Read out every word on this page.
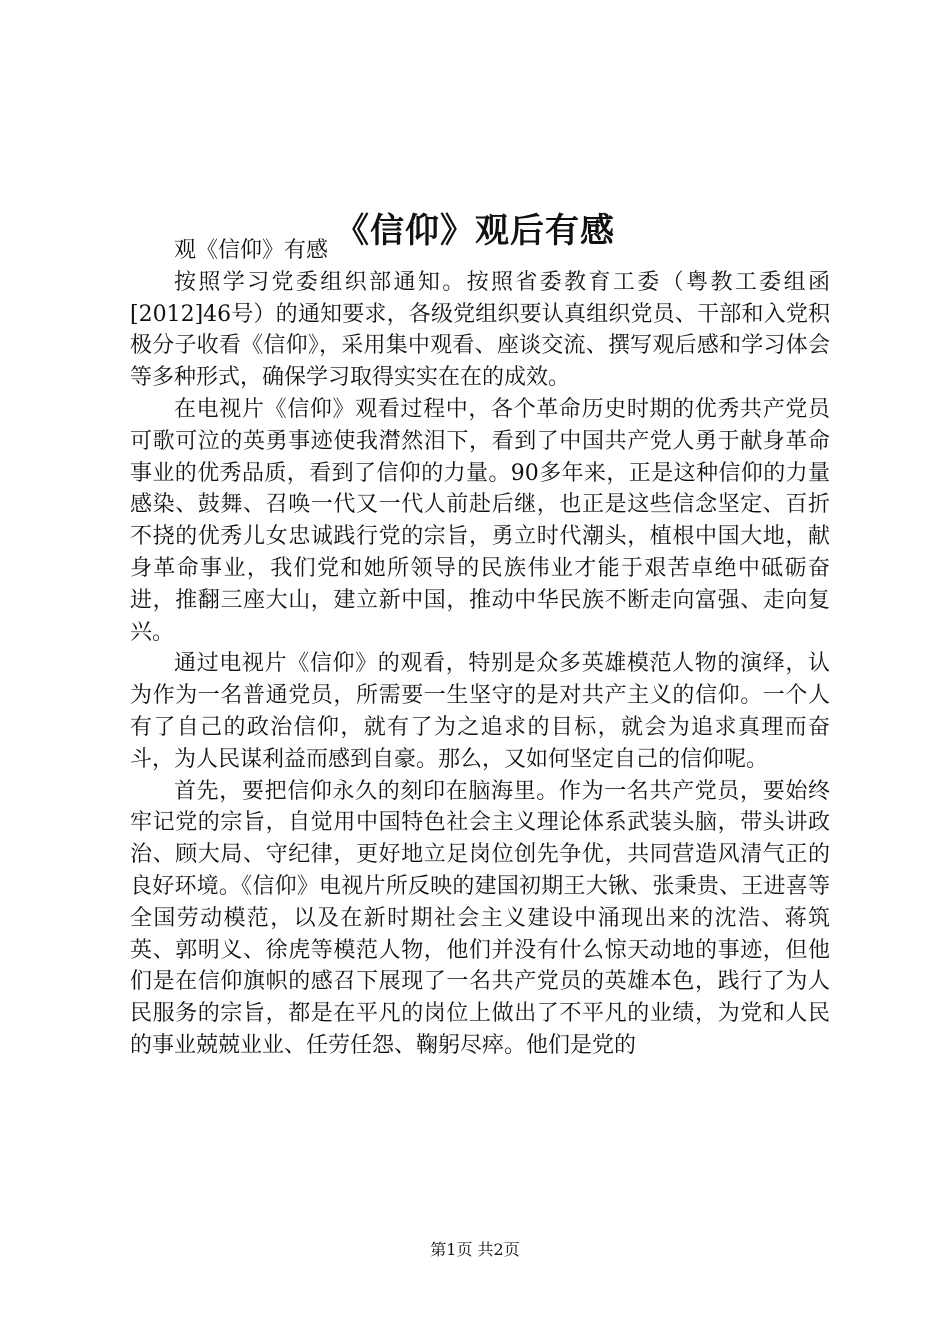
《信仰》观后有感

观《信仰》有感

按照学习党委组织部通知。按照省委教育工委（粤教工委组函[2012]46号）的通知要求，各级党组织要认真组织党员、干部和入党积极分子收看《信仰》，采用集中观看、座谈交流、撰写观后感和学习体会等多种形式，确保学习取得实实在在的成效。

在电视片《信仰》观看过程中，各个革命历史时期的优秀共产党员可歌可泣的英勇事迹使我潸然泪下，看到了中国共产党人勇于献身革命事业的优秀品质，看到了信仰的力量。90多年来，正是这种信仰的力量感染、鼓舞、召唤一代又一代人前赴后继，也正是这些信念坚定、百折不挠的优秀儿女忠诚践行党的宗旨，勇立时代潮头，植根中国大地，献身革命事业，我们党和她所领导的民族伟业才能于艰苦卓绝中砥砺奋进，推翻三座大山，建立新中国，推动中华民族不断走向富强、走向复兴。

通过电视片《信仰》的观看，特别是众多英雄模范人物的演绎，认为作为一名普通党员，所需要一生坚守的是对共产主义的信仰。一个人有了自己的政治信仰，就有了为之追求的目标，就会为追求真理而奋斗，为人民谋利益而感到自豪。那么，又如何坚定自己的信仰呢。

首先，要把信仰永久的刻印在脑海里。作为一名共产党员，要始终牢记党的宗旨，自觉用中国特色社会主义理论体系武装头脑，带头讲政治、顾大局、守纪律，更好地立足岗位创先争优，共同营造风清气正的良好环境。《信仰》电视片所反映的建国初期王大锹、张秉贵、王进喜等全国劳动模范，以及在新时期社会主义建设中涌现出来的沈浩、蒋筑英、郭明义、徐虎等模范人物，他们并没有什么惊天动地的事迹，但他们是在信仰旗帜的感召下展现了一名共产党员的英雄本色，践行了为人民服务的宗旨，都是在平凡的岗位上做出了不平凡的业绩，为党和人民的事业兢兢业业、任劳任怨、鞠躬尽瘁。他们是党的

第1页 共2页
